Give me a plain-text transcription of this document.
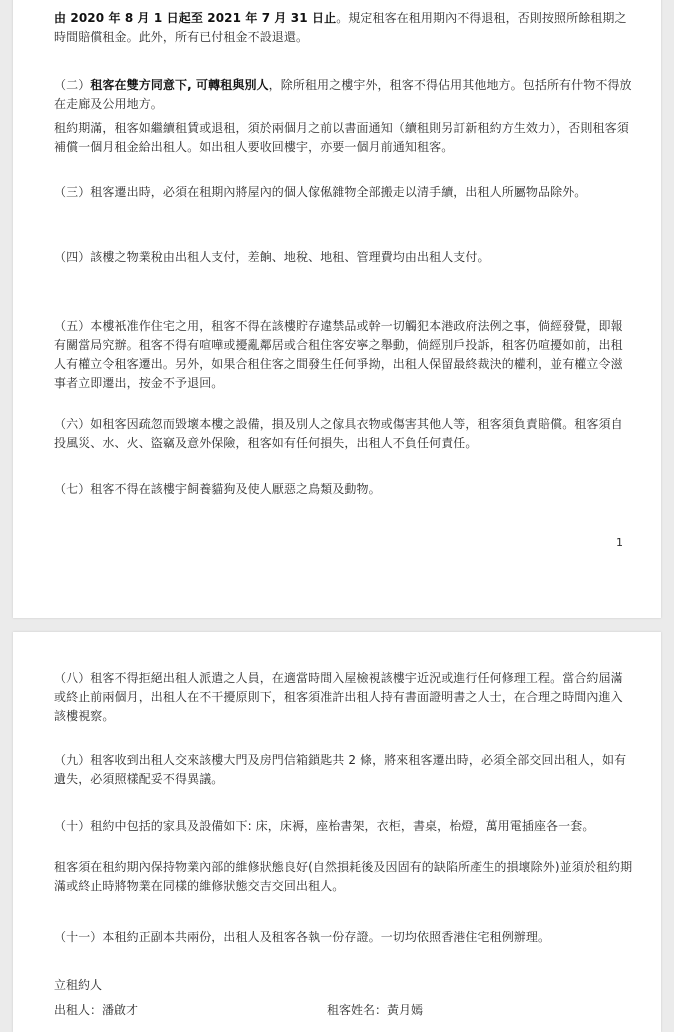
由 2020 年 8 月 1 日起至 2021 年 7 月 31 日止。規定租客在租用期內不得退租，否則按照所餘租期之時間賠償租金。此外，所有已付租金不設退還。

（二）租客在雙方同意下, 可轉租與別人，除所租用之樓宇外，租客不得佔用其他地方。包括所有什物不得放在走廊及公用地方。

租約期滿，租客如繼續租賃或退租，須於兩個月之前以書面通知（續租則另訂新租約方生效力），否則租客須補償一個月租金給出租人。如出租人要收回樓宇，亦要一個月前通知租客。

（三）租客遷出時，必須在租期內將屋內的個人傢俬雜物全部搬走以清手續，出租人所屬物品除外。

（四）該樓之物業稅由出租人支付，差餉、地稅、地租、管理費均由出租人支付。

（五）本樓衹准作住宅之用，租客不得在該樓貯存違禁品或幹一切觸犯本港政府法例之事，倘經發覺，即報有關當局究辦。租客不得有喧嘩或擾亂鄰居或合租住客安寧之舉動，倘經別戶投訴，租客仍喧擾如前，出租人有權立令租客遷出。另外，如果合租住客之間發生任何爭拗，出租人保留最終裁決的權利，並有權立令滋事者立即遷出，按金不予退回。

（六）如租客因疏忽而毀壞本樓之設備，損及別人之傢具衣物或傷害其他人等，租客須負責賠償。租客須自投風災、水、火、盜竊及意外保險，租客如有任何損失，出租人不負任何責任。

（七）租客不得在該樓宇飼養貓狗及使人厭惡之鳥類及動物。

1

（八）租客不得拒絕出租人派遣之人員，在適當時間入屋檢視該樓宇近況或進行任何修理工程。當合約屆滿或終止前兩個月，出租人在不干擾原則下，租客須准許出租人持有書面證明書之人士，在合理之時間內進入該樓視察。

（九）租客收到出租人交來該樓大門及房門信箱鎖匙共 2 條，將來租客遷出時，必須全部交回出租人，如有遺失，必須照樣配妥不得異議。

（十）租約中包括的家具及設備如下: 床，床褥，座枱書架，衣柜，書桌，枱燈，萬用電插座各一套。

租客須在租約期內保持物業內部的維修狀態良好(自然損耗後及因固有的缺陷所產生的損壞除外)並須於租約期滿或終止時將物業在同樣的維修狀態交吉交回出租人。

（十一）本租約正副本共兩份，出租人及租客各執一份存證。一切均依照香港住宅租例辦理。

立租約人
出租人：潘啟才	租客姓名：黃月嫣
